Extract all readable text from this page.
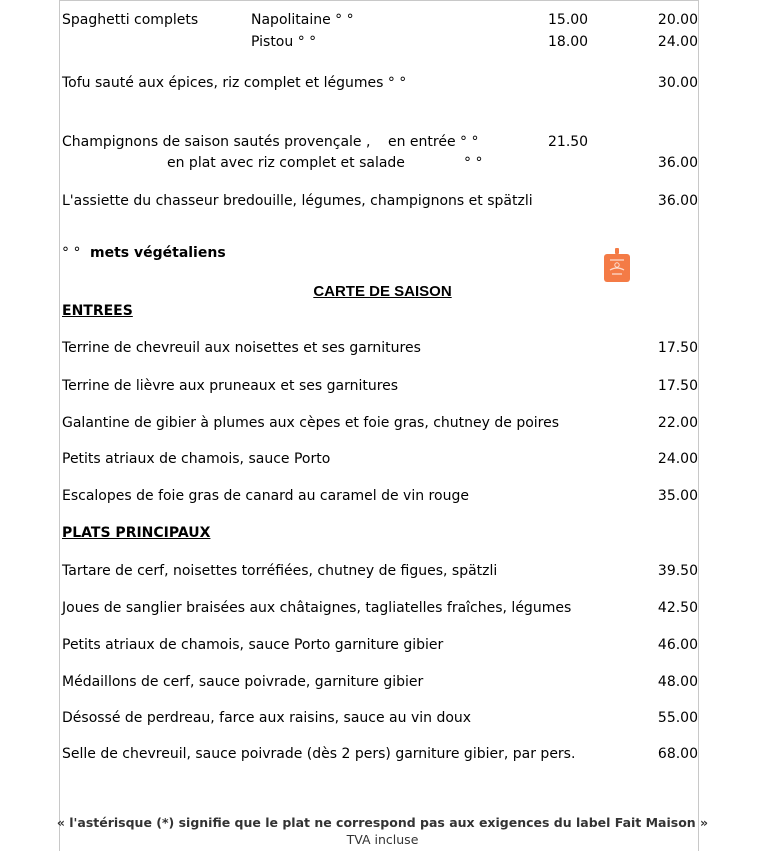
Spaghetti complets	Napolitaine ° °	15.00	20.00
Pistou ° °	18.00	24.00
Tofu sauté aux épices, riz complet et légumes ° °	30.00
Champignons de saison sautés provençale , en entrée ° °	21.50
en plat avec riz complet et salade	° °	36.00
L'assiette du chasseur bredouille, légumes, champignons et spätzli	36.00
° ° mets végétaliens
CARTE DE SAISON
ENTREES
Terrine de chevreuil aux noisettes et ses garnitures	17.50
Terrine de lièvre aux pruneaux et ses garnitures	17.50
Galantine de gibier à plumes aux cèpes et foie gras, chutney de poires	22.00
Petits atriaux de chamois, sauce Porto	24.00
Escalopes de foie gras de canard au caramel de vin rouge	35.00
PLATS PRINCIPAUX
Tartare de cerf, noisettes torréfiées, chutney de figues, spätzli	39.50
Joues de sanglier braisées aux châtaignes, tagliatelles fraîches, légumes	42.50
Petits atriaux de chamois, sauce Porto garniture gibier	46.00
Médaillons de cerf, sauce poivrade, garniture gibier	48.00
Désossé de perdreau, farce aux raisins, sauce au vin doux	55.00
Selle de chevreuil, sauce poivrade (dès 2 pers) garniture gibier, par pers.	68.00
« l'astérisque (*) signifie que le plat ne correspond pas aux exigences du label Fait Maison »
TVA incluse
